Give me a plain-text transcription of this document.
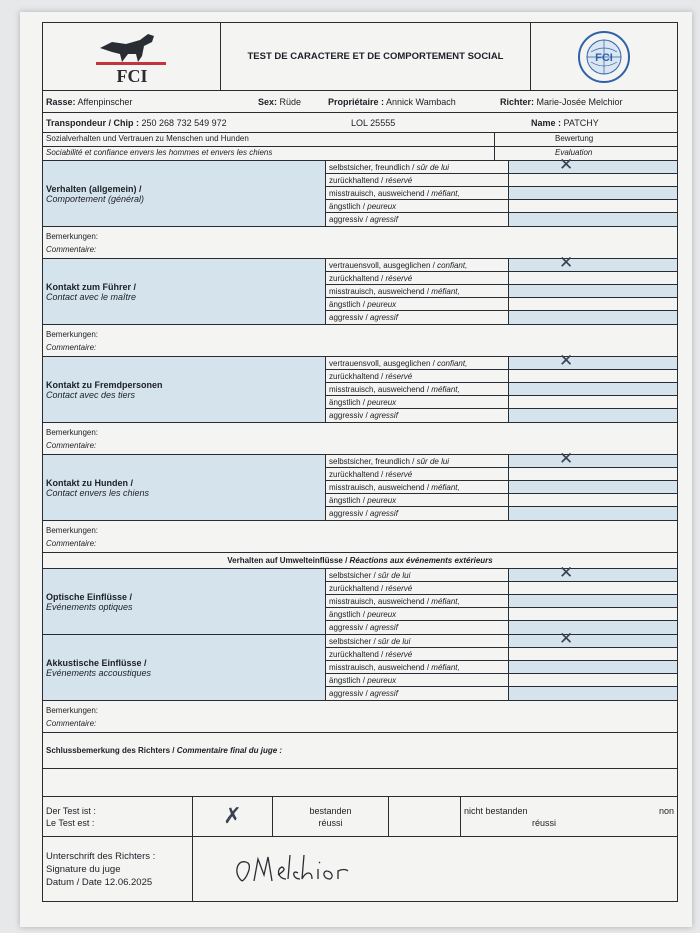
FCI
TEST DE CARACTERE ET DE COMPORTEMENT SOCIAL	FCI
Rasse: Affenpinscher	Sex: Rüde	Propriétaire : Annick Wambach	Richter: Marie-Josée Melchior
Transpondeur / Chip : 250 268 732 549 972	LOL 25555	Name : PATCHY
Sozialverhalten und Vertrauen zu Menschen und Hunden	Bewertung
Sociabilité et confiance envers les hommes et envers les chiens	Evaluation
Verhalten (allgemein) /
Comportement (général)
selbstsicher, freundlich / sûr de lui	✕
zurückhaltend / réservé
misstrauisch, ausweichend / méfiant,
ängstlich / peureux
aggressiv / agressif
Bemerkungen:
Commentaire:
Kontakt zum Führer /
Contact avec le maître
vertrauensvoll, ausgeglichen / confiant,	✕
zurückhaltend / réservé
misstrauisch, ausweichend / méfiant,
ängstlich / peureux
aggressiv / agressif
Bemerkungen:
Commentaire:
Kontakt zu Fremdpersonen
Contact avec des tiers
vertrauensvoll, ausgeglichen / confiant,	✕
zurückhaltend / réservé
misstrauisch, ausweichend / méfiant,
ängstlich / peureux
aggressiv / agressif
Bemerkungen:
Commentaire:
Kontakt zu Hunden /
Contact envers les chiens
selbstsicher, freundlich / sûr de lui	✕
zurückhaltend / réservé
misstrauisch, ausweichend / méfiant,
ängstlich / peureux
aggressiv / agressif
Bemerkungen:
Commentaire:
Verhalten auf Umwelteinflüsse / Réactions aux événements extérieurs
Optische Einflüsse /
Evénements optiques
selbstsicher / sûr de lui	✕
zurückhaltend / réservé
misstrauisch, ausweichend / méfiant,
ängstlich / peureux
aggressiv / agressif
Akkustische Einflüsse /
Evénements accoustiques
selbstsicher / sûr de lui	✕
zurückhaltend / réservé
misstrauisch, ausweichend / méfiant,
ängstlich / peureux
aggressiv / agressif
Bemerkungen:
Commentaire:
Schlussbemerkung des Richters / Commentaire final du juge :
Der Test ist :
Le Test est :	✗	bestanden
réussi
nicht bestanden	non
réussi
Unterschrift des Richters :
Signature du juge
Datum / Date 12.06.2025
